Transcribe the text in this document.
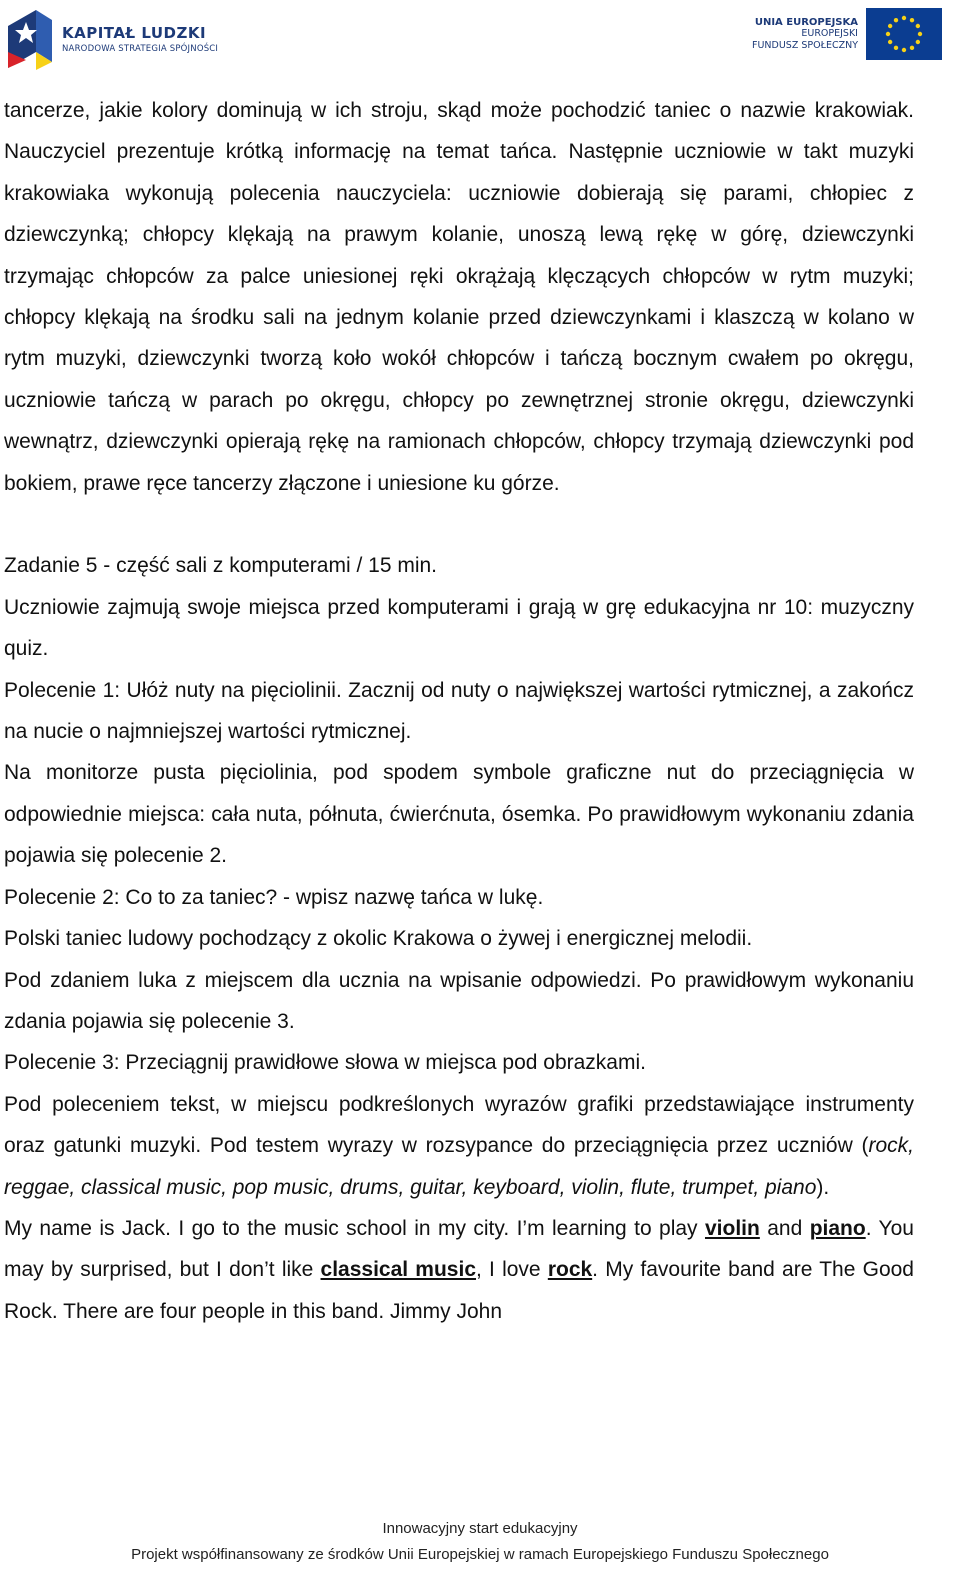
KAPITAŁ LUDZKI
NARODOWA STRATEGIA SPÓJNOŚCI
UNIA EUROPEJSKA
EUROPEJSKI
FUNDUSZ SPOŁECZNY

tancerze, jakie kolory dominują w ich stroju, skąd może pochodzić taniec o nazwie krakowiak. Nauczyciel prezentuje krótką informację na temat tańca. Następnie uczniowie w takt muzyki krakowiaka wykonują polecenia nauczyciela: uczniowie dobierają się parami, chłopiec z dziewczynką; chłopcy klękają na prawym kolanie, unoszą lewą rękę w górę, dziewczynki trzymając chłopców za palce uniesionej ręki okrążają klęczących chłopców w rytm muzyki; chłopcy klękają na środku sali na jednym kolanie przed dziewczynkami i klaszczą w kolano w rytm muzyki, dziewczynki tworzą koło wokół chłopców i tańczą bocznym cwałem po okręgu, uczniowie tańczą w parach po okręgu, chłopcy po zewnętrznej stronie okręgu, dziewczynki wewnątrz, dziewczynki opierają rękę na ramionach chłopców, chłopcy trzymają dziewczynki pod bokiem, prawe ręce tancerzy złączone i uniesione ku górze.

Zadanie 5 - część sali z komputerami / 15 min.

Uczniowie zajmują swoje miejsca przed komputerami i grają w grę edukacyjna nr 10: muzyczny quiz.

Polecenie 1: Ułóż nuty na pięciolinii. Zacznij od nuty o największej wartości rytmicznej, a zakończ na nucie o najmniejszej wartości rytmicznej.

Na monitorze pusta pięciolinia, pod spodem symbole graficzne nut do przeciągnięcia w odpowiednie miejsca: cała nuta, półnuta, ćwierćnuta, ósemka. Po prawidłowym wykonaniu zdania pojawia się polecenie 2.

Polecenie 2: Co to za taniec? - wpisz nazwę tańca w lukę.

Polski taniec ludowy pochodzący z okolic Krakowa o żywej i energicznej melodii.

Pod zdaniem luka z miejscem dla ucznia na wpisanie odpowiedzi. Po prawidłowym wykonaniu zdania pojawia się polecenie 3.

Polecenie 3: Przeciągnij prawidłowe słowa w miejsca pod obrazkami.

Pod poleceniem tekst, w miejscu podkreślonych wyrazów grafiki przedstawiające instrumenty oraz gatunki muzyki. Pod testem wyrazy w rozsypance do przeciągnięcia przez uczniów (rock, reggae, classical music, pop music, drums, guitar, keyboard, violin, flute, trumpet, piano).

My name is Jack. I go to the music school in my city. I’m learning to play violin and piano. You may by surprised, but I don’t like classical music, I love rock. My favourite band are The Good Rock. There are four people in this band. Jimmy John

Innowacyjny start edukacyjny
Projekt współfinansowany ze środków Unii Europejskiej w ramach Europejskiego Funduszu Społecznego
